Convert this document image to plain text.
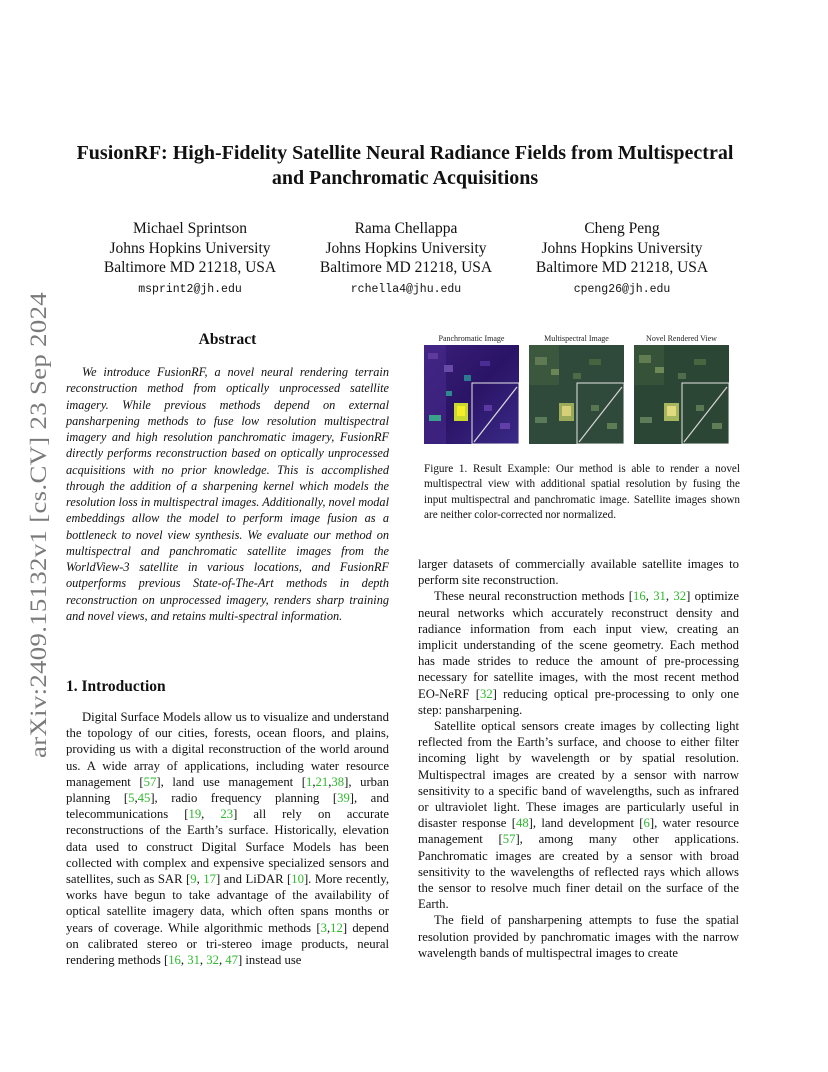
arXiv:2409.15132v1 [cs.CV] 23 Sep 2024
FusionRF: High-Fidelity Satellite Neural Radiance Fields from Multispectral and Panchromatic Acquisitions
Michael Sprintson
Johns Hopkins University
Baltimore MD 21218, USA
msprint2@jh.edu
Rama Chellappa
Johns Hopkins University
Baltimore MD 21218, USA
rchella4@jhu.edu
Cheng Peng
Johns Hopkins University
Baltimore MD 21218, USA
cpeng26@jh.edu
Abstract

We introduce FusionRF, a novel neural rendering terrain reconstruction method from optically unprocessed satellite imagery. While previous methods depend on external pansharpening methods to fuse low resolution multispectral imagery and high resolution panchromatic imagery, FusionRF directly performs reconstruction based on optically unprocessed acquisitions with no prior knowledge. This is accomplished through the addition of a sharpening kernel which models the resolution loss in multispectral images. Additionally, novel modal embeddings allow the model to perform image fusion as a bottleneck to novel view synthesis. We evaluate our method on multispectral and panchromatic satellite images from the WorldView-3 satellite in various locations, and FusionRF outperforms previous State-of-The-Art methods in depth reconstruction on unprocessed imagery, renders sharp training and novel views, and retains multi-spectral information.

1. Introduction

Digital Surface Models allow us to visualize and understand the topology of our cities, forests, ocean floors, and plains, providing us with a digital reconstruction of the world around us. A wide array of applications, including water resource management [57], land use management [1,21,38], urban planning [5,45], radio frequency planning [39], and telecommunications [19, 23] all rely on accurate reconstructions of the Earth’s surface. Historically, elevation data used to construct Digital Surface Models has been collected with complex and expensive specialized sensors and satellites, such as SAR [9, 17] and LiDAR [10]. More recently, works have begun to take advantage of the availability of optical satellite imagery data, which often spans months or years of coverage. While algorithmic methods [3,12] depend on calibrated stereo or tri-stereo image products, neural rendering methods [16, 31, 32, 47] instead use

Panchromatic Image	Multispectral Image	Novel Rendered View

Figure 1. Result Example: Our method is able to render a novel multispectral view with additional spatial resolution by fusing the input multispectral and panchromatic image. Satellite images shown are neither color-corrected nor normalized.

larger datasets of commercially available satellite images to perform site reconstruction.

These neural reconstruction methods [16, 31, 32] optimize neural networks which accurately reconstruct density and radiance information from each input view, creating an implicit understanding of the scene geometry. Each method has made strides to reduce the amount of pre-processing necessary for satellite images, with the most recent method EO-NeRF [32] reducing optical pre-processing to only one step: pansharpening.

Satellite optical sensors create images by collecting light reflected from the Earth’s surface, and choose to either filter incoming light by wavelength or by spatial resolution. Multispectral images are created by a sensor with narrow sensitivity to a specific band of wavelengths, such as infrared or ultraviolet light. These images are particularly useful in disaster response [48], land development [6], water resource management [57], among many other applications. Panchromatic images are created by a sensor with broad sensitivity to the wavelengths of reflected rays which allows the sensor to resolve much finer detail on the surface of the Earth.

The field of pansharpening attempts to fuse the spatial resolution provided by panchromatic images with the narrow wavelength bands of multispectral images to create
